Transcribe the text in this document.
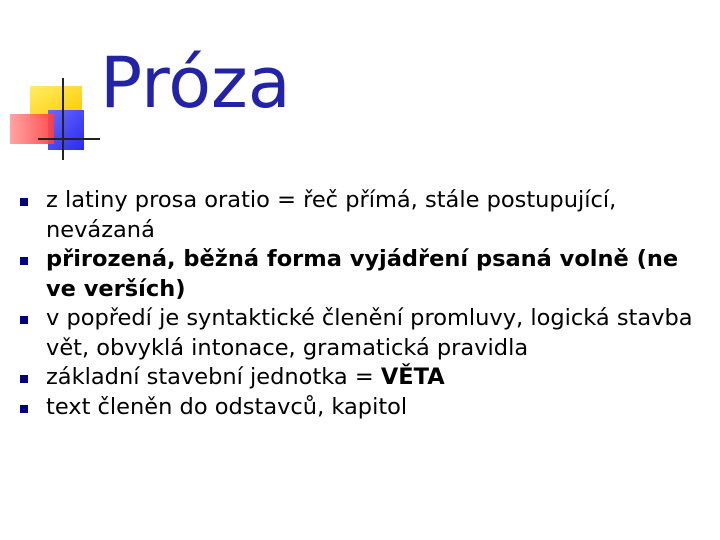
Próza
z latiny prosa oratio = řeč přímá, stále postupující, nevázaná
přirozená, běžná forma vyjádření psaná volně (ne ve verších)
v popředí je syntaktické členění promluvy, logická stavba vět, obvyklá intonace, gramatická pravidla
základní stavební jednotka = VĚTA
text členěn do odstavců, kapitol
